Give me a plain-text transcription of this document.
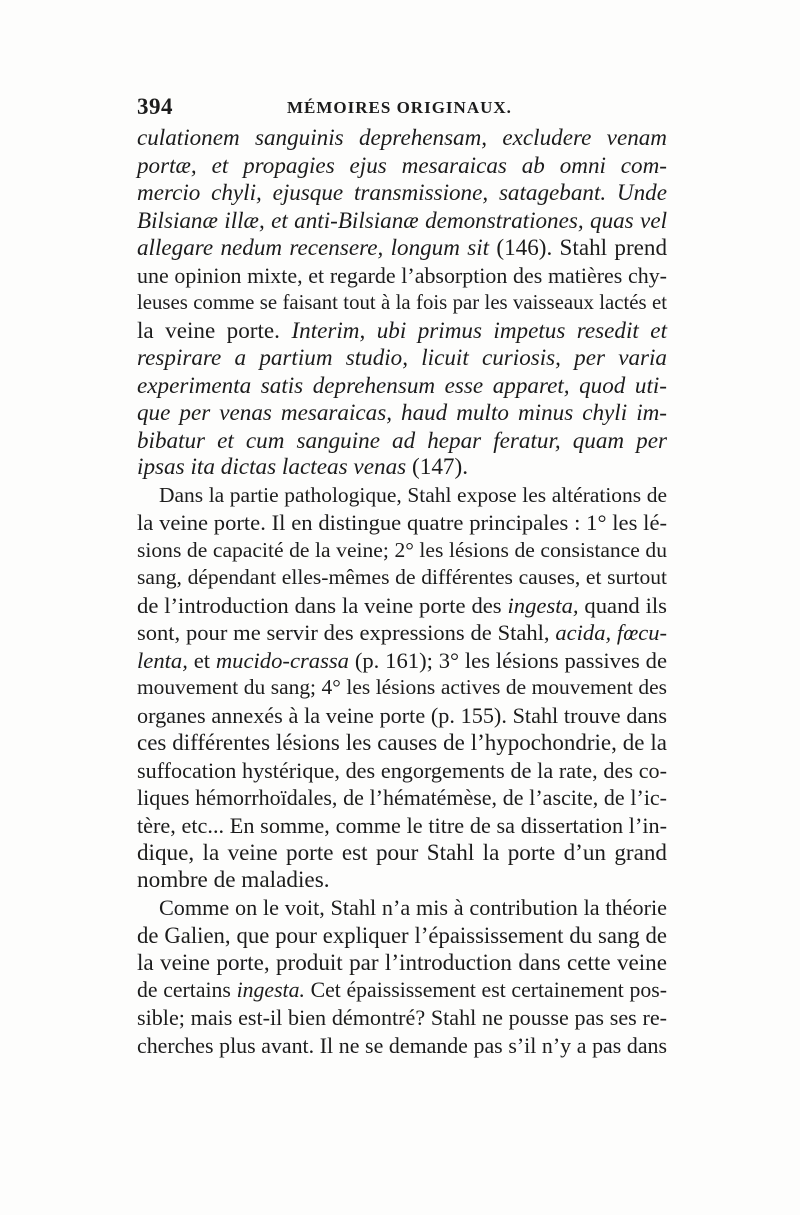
394	MÉMOIRES ORIGINAUX.
culationem sanguinis deprehensam, excludere venam
portæ, et propagies ejus mesaraicas ab omni com-
mercio chyli, ejusque transmissione, satagebant. Unde
Bilsianæ illæ, et anti-Bilsianæ demonstrationes, quas vel
allegare nedum recensere, longum sit (146). Stahl prend
une opinion mixte, et regarde l’absorption des matières chy-
leuses comme se faisant tout à la fois par les vaisseaux lactés et
la veine porte. Interim, ubi primus impetus resedit et
respirare a partium studio, licuit curiosis, per varia
experimenta satis deprehensum esse apparet, quod uti-
que per venas mesaraicas, haud multo minus chyli im-
bibatur et cum sanguine ad hepar feratur, quam per
ipsas ita dictas lacteas venas (147).
Dans la partie pathologique, Stahl expose les altérations de
la veine porte. Il en distingue quatre principales : 1° les lé-
sions de capacité de la veine; 2° les lésions de consistance du
sang, dépendant elles-mêmes de différentes causes, et surtout
de l’introduction dans la veine porte des ingesta, quand ils
sont, pour me servir des expressions de Stahl, acida, fœcu-
lenta, et mucido-crassa (p. 161); 3° les lésions passives de
mouvement du sang; 4° les lésions actives de mouvement des
organes annexés à la veine porte (p. 155). Stahl trouve dans
ces différentes lésions les causes de l’hypochondrie, de la
suffocation hystérique, des engorgements de la rate, des co-
liques hémorrhoïdales, de l’hématémèse, de l’ascite, de l’ic-
tère, etc... En somme, comme le titre de sa dissertation l’in-
dique, la veine porte est pour Stahl la porte d’un grand
nombre de maladies.
Comme on le voit, Stahl n’a mis à contribution la théorie
de Galien, que pour expliquer l’épaississement du sang de
la veine porte, produit par l’introduction dans cette veine
de certains ingesta. Cet épaississement est certainement pos-
sible; mais est-il bien démontré? Stahl ne pousse pas ses re-
cherches plus avant. Il ne se demande pas s’il n’y a pas dans
